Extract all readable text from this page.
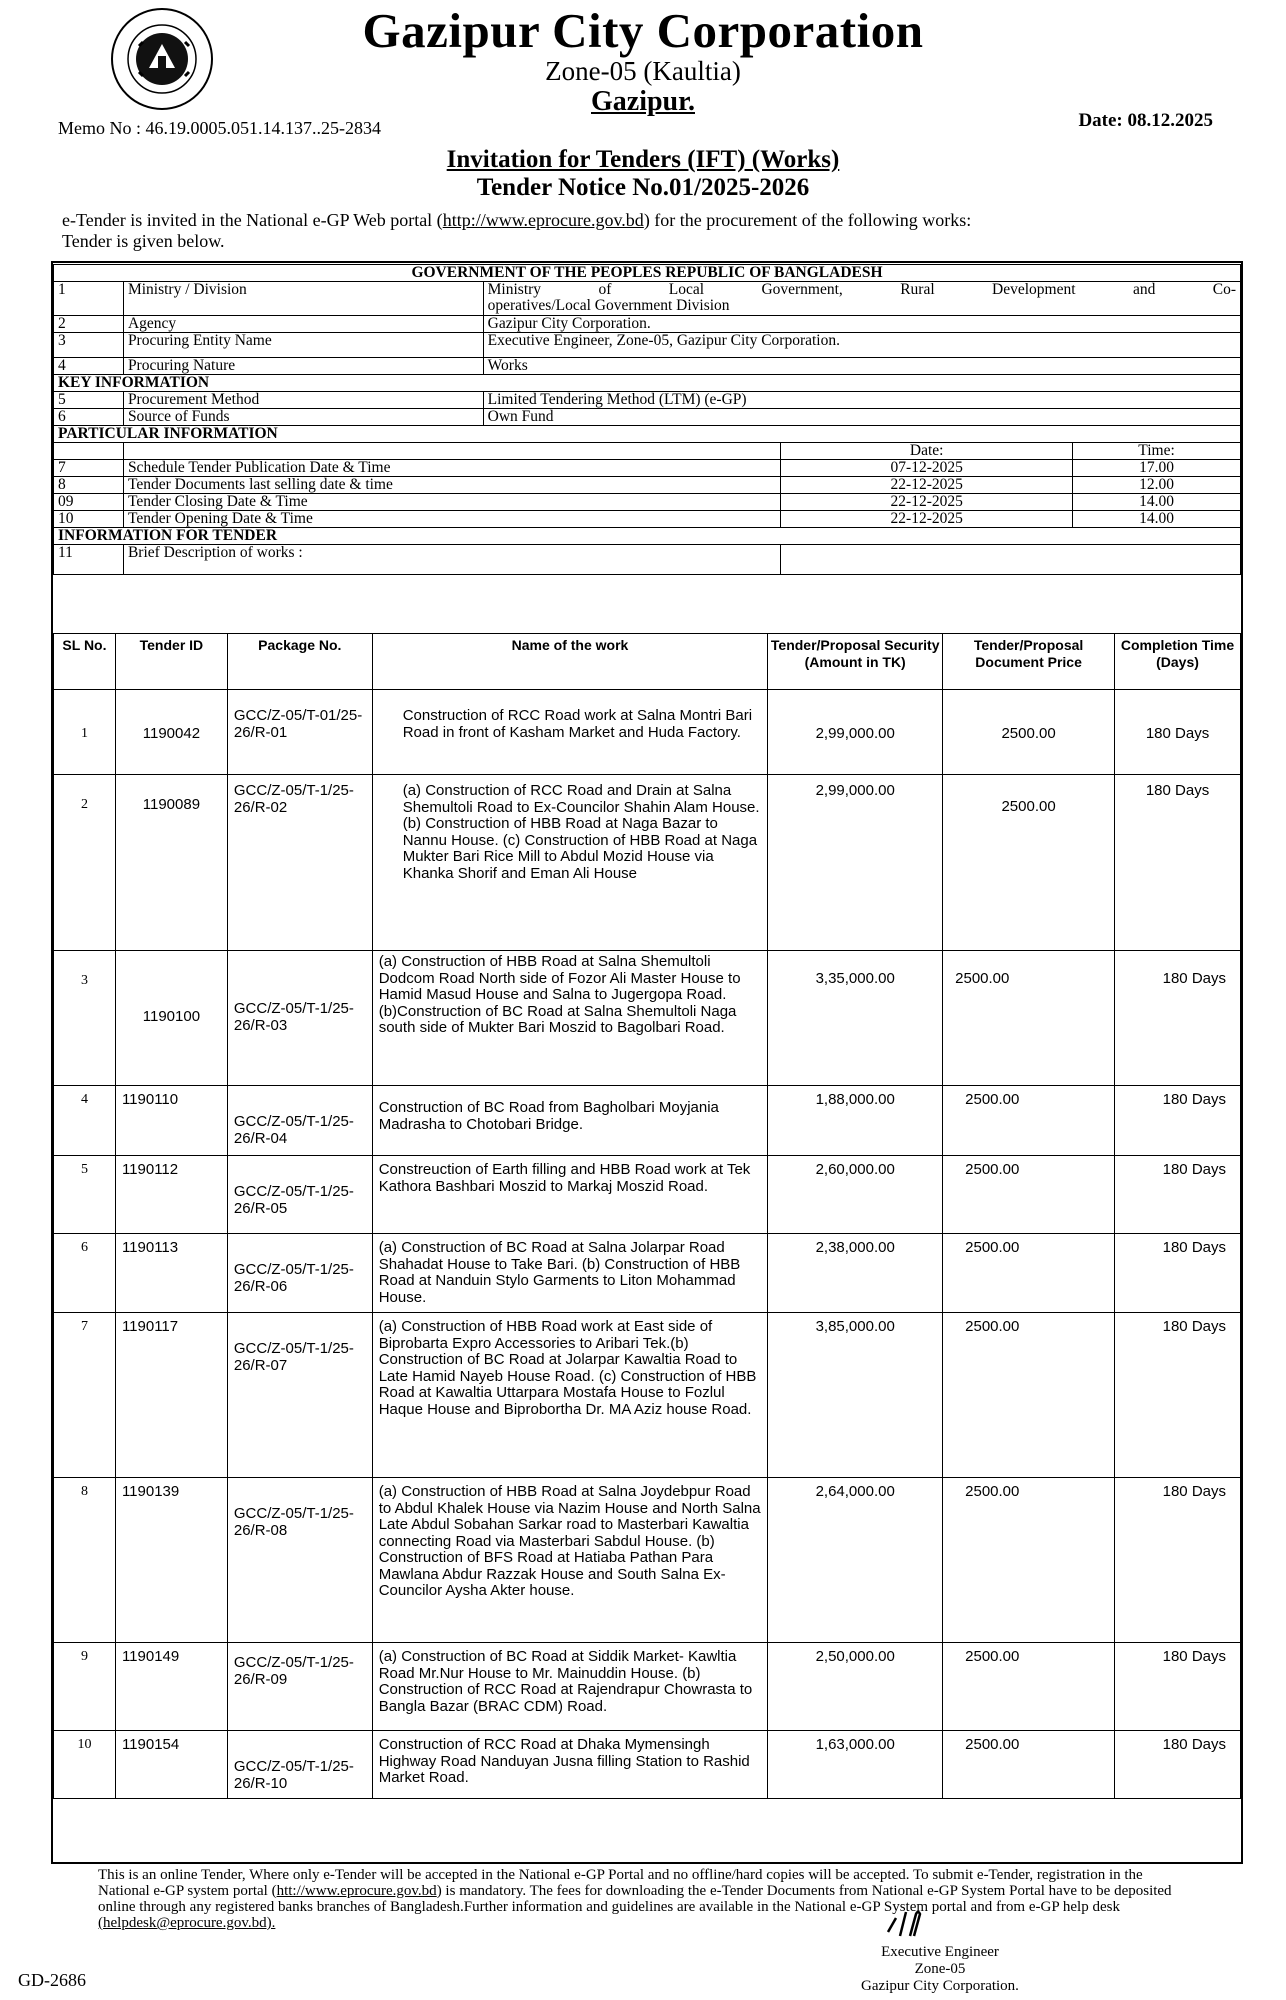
Gazipur City Corporation
Zone-05 (Kaultia)
Gazipur.
Memo No : 46.19.0005.051.14.137..25-2834	Date: 08.12.2025
Invitation for Tenders (IFT) (Works)
Tender Notice No.01/2025-2026
e-Tender is invited in the National e-GP Web portal (http://www.eprocure.gov.bd) for the procurement of the following works:
Tender is given below.
GOVERNMENT OF THE PEOPLES REPUBLIC OF BANGLADESH				
1	Ministry / Division	Ministry of Local Government, Rural Development and Co-
operatives/Local Government Division		

2	Agency	Gazipur City Corporation.		
3	Procuring Entity Name	Executive Engineer, Zone-05, Gazipur City Corporation.		
4	Procuring Nature	Works		
KEY INFORMATION				
5	Procurement Method	Limited Tendering Method (LTM) (e-GP)		
6	Source of Funds	Own Fund		
PARTICULAR INFORMATION				
			Date:	Time:
7	Schedule Tender Publication Date & Time		07-12-2025	17.00
8	Tender Documents last selling date & time		22-12-2025	12.00
09	Tender Closing Date & Time		22-12-2025	14.00
10	Tender Opening Date & Time		22-12-2025	14.00
INFORMATION FOR TENDER				
11	Brief Description of works :			
SL No.	Tender ID	Package No.	Name of the work	Tender/Proposal Security (Amount in TK)	Tender/Proposal Document Price	Completion Time (Days)
1	1190042	GCC/Z-05/T-01/25-26/R-01	Construction of RCC Road work at Salna Montri Bari Road in front of Kasham Market and Huda Factory.	2,99,000.00	2500.00	180 Days
2	1190089	GCC/Z-05/T-1/25-26/R-02	(a) Construction of RCC Road and Drain at Salna Shemultoli Road to Ex-Councilor Shahin Alam House. (b) Construction of HBB Road at Naga Bazar to Nannu House. (c) Construction of HBB Road at Naga Mukter Bari Rice Mill to Abdul Mozid House via Khanka Shorif and Eman Ali House	2,99,000.00	2500.00	180 Days
3	1190100	GCC/Z-05/T-1/25-26/R-03	(a) Construction of HBB Road at Salna Shemultoli Dodcom Road North side of Fozor Ali Master House to Hamid Masud House and Salna to Jugergopa Road.(b)Construction of BC Road at Salna Shemultoli Naga south side of Mukter Bari Moszid to Bagolbari Road.	3,35,000.00	2500.00	180 Days
4	1190110	GCC/Z-05/T-1/25-26/R-04	Construction of BC Road from Bagholbari Moyjania Madrasha to Chotobari Bridge.	1,88,000.00	2500.00	180 Days
5	1190112	GCC/Z-05/T-1/25-26/R-05	Constreuction of Earth filling and HBB Road work at Tek Kathora Bashbari Moszid to Markaj Moszid Road.	2,60,000.00	2500.00	180 Days
6	1190113	GCC/Z-05/T-1/25-26/R-06	(a) Construction of BC Road at Salna Jolarpar Road Shahadat House to Take Bari. (b) Construction of HBB Road at Nanduin Stylo Garments to Liton Mohammad House.	2,38,000.00	2500.00	180 Days
7	1190117	GCC/Z-05/T-1/25-26/R-07	(a) Construction of HBB Road work at East side of Biprobarta Expro Accessories to Aribari Tek.(b) Construction of BC Road at Jolarpar Kawaltia Road to Late Hamid Nayeb House Road. (c) Construction of HBB Road at Kawaltia Uttarpara Mostafa House to Fozlul Haque House and Biprobortha Dr. MA Aziz house Road.	3,85,000.00	2500.00	180 Days
8	1190139	GCC/Z-05/T-1/25-26/R-08	(a) Construction of HBB Road at Salna Joydebpur Road to Abdul Khalek House via Nazim House and North Salna Late Abdul Sobahan Sarkar road to Masterbari Kawaltia connecting Road via Masterbari Sabdul House. (b) Construction of BFS Road at Hatiaba Pathan Para Mawlana Abdur Razzak House and South Salna Ex-Councilor Aysha Akter house.	2,64,000.00	2500.00	180 Days
9	1190149	GCC/Z-05/T-1/25-26/R-09	(a) Construction of BC Road at Siddik Market- Kawltia Road Mr.Nur House to Mr. Mainuddin House. (b) Construction of RCC Road at Rajendrapur Chowrasta to Bangla Bazar (BRAC CDM) Road.	2,50,000.00	2500.00	180 Days
10	1190154	GCC/Z-05/T-1/25-26/R-10	Construction of RCC Road at Dhaka Mymensingh Highway Road Nanduyan Jusna filling Station to Rashid Market Road.	1,63,000.00	2500.00	180 Days
This is an online Tender, Where only e-Tender will be accepted in the National e-GP Portal and no offline/hard copies will be accepted. To submit e-Tender, registration in the National e-GP system portal (htt://www.eprocure.gov.bd) is mandatory. The fees for downloading the e-Tender Documents from National e-GP System Portal have to be deposited online through any registered banks branches of Bangladesh.Further information and guidelines are available in the National e-GP System portal and from e-GP help desk (helpdesk@eprocure.gov.bd).
Executive Engineer
Zone-05
Gazipur City Corporation.
GD-2686
